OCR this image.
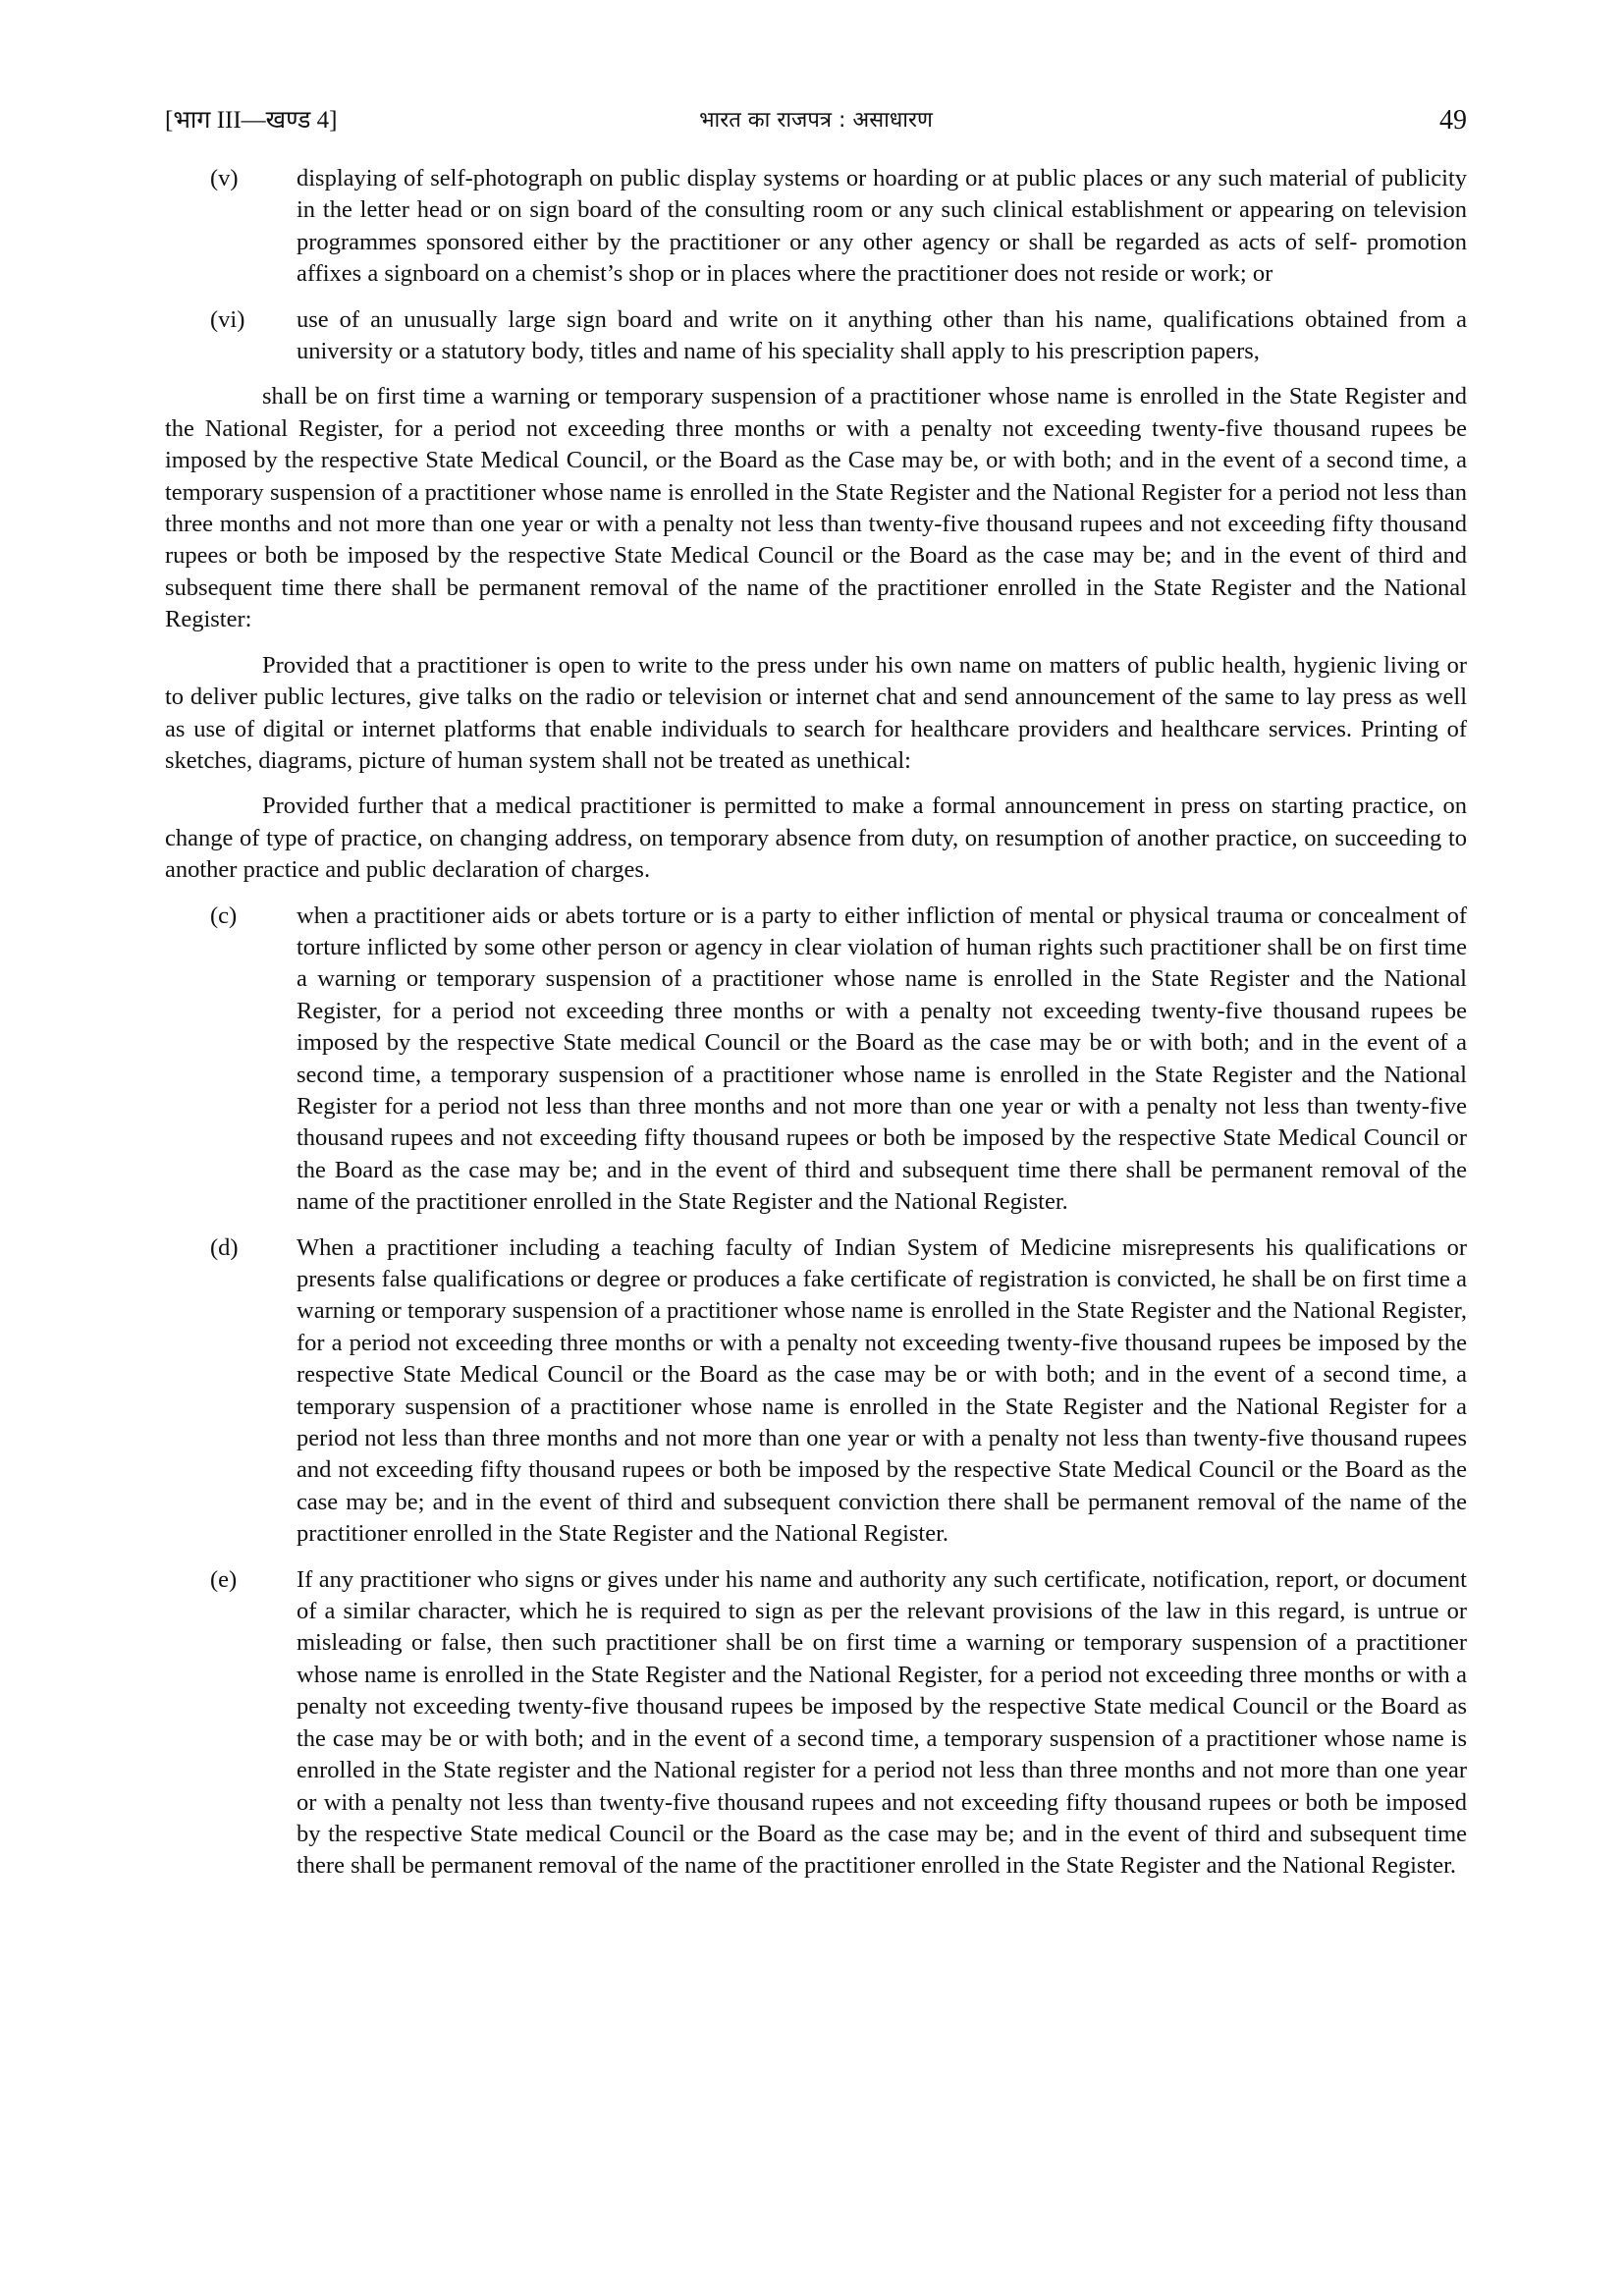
[भाग III—खण्ड 4]	भारत का राजपत्र : असाधारण	49
(v)	displaying of self-photograph on public display systems or hoarding or at public places or any such material of publicity in the letter head or on sign board of the consulting room or any such clinical establishment or appearing on television programmes sponsored either by the practitioner or any other agency or shall be regarded as acts of self- promotion affixes a signboard on a chemist’s shop or in places where the practitioner does not reside or work; or
(vi)	use of an unusually large sign board and write on it anything other than his name, qualifications obtained from a university or a statutory body, titles and name of his speciality shall apply to his prescription papers,

shall be on first time a warning or temporary suspension of a practitioner whose name is enrolled in the State Register and the National Register, for a period not exceeding three months or with a penalty not exceeding twenty-five thousand rupees be imposed by the respective State Medical Council, or the Board as the Case may be, or with both; and in the event of a second time, a temporary suspension of a practitioner whose name is enrolled in the State Register and the National Register for a period not less than three months and not more than one year or with a penalty not less than twenty-five thousand rupees and not exceeding fifty thousand rupees or both be imposed by the respective State Medical Council or the Board as the case may be; and in the event of third and subsequent time there shall be permanent removal of the name of the practitioner enrolled in the State Register and the National Register:

Provided that a practitioner is open to write to the press under his own name on matters of public health, hygienic living or to deliver public lectures, give talks on the radio or television or internet chat and send announcement of the same to lay press as well as use of digital or internet platforms that enable individuals to search for healthcare providers and healthcare services. Printing of sketches, diagrams, picture of human system shall not be treated as unethical:

Provided further that a medical practitioner is permitted to make a formal announcement in press on starting practice, on change of type of practice, on changing address, on temporary absence from duty, on resumption of another practice, on succeeding to another practice and public declaration of charges.

(c)	when a practitioner aids or abets torture or is a party to either infliction of mental or physical trauma or concealment of torture inflicted by some other person or agency in clear violation of human rights such practitioner shall be on first time a warning or temporary suspension of a practitioner whose name is enrolled in the State Register and the National Register, for a period not exceeding three months or with a penalty not exceeding twenty-five thousand rupees be imposed by the respective State medical Council or the Board as the case may be or with both; and in the event of a second time, a temporary suspension of a practitioner whose name is enrolled in the State Register and the National Register for a period not less than three months and not more than one year or with a penalty not less than twenty-five thousand rupees and not exceeding fifty thousand rupees or both be imposed by the respective State Medical Council or the Board as the case may be; and in the event of third and subsequent time there shall be permanent removal of the name of the practitioner enrolled in the State Register and the National Register.
(d)	When a practitioner including a teaching faculty of Indian System of Medicine misrepresents his qualifications or presents false qualifications or degree or produces a fake certificate of registration is convicted, he shall be on first time a warning or temporary suspension of a practitioner whose name is enrolled in the State Register and the National Register, for a period not exceeding three months or with a penalty not exceeding twenty-five thousand rupees be imposed by the respective State Medical Council or the Board as the case may be or with both; and in the event of a second time, a temporary suspension of a practitioner whose name is enrolled in the State Register and the National Register for a period not less than three months and not more than one year or with a penalty not less than twenty-five thousand rupees and not exceeding fifty thousand rupees or both be imposed by the respective State Medical Council or the Board as the case may be; and in the event of third and subsequent conviction there shall be permanent removal of the name of the practitioner enrolled in the State Register and the National Register.
(e)	If any practitioner who signs or gives under his name and authority any such certificate, notification, report, or document of a similar character, which he is required to sign as per the relevant provisions of the law in this regard, is untrue or misleading or false, then such practitioner shall be on first time a warning or temporary suspension of a practitioner whose name is enrolled in the State Register and the National Register, for a period not exceeding three months or with a penalty not exceeding twenty-five thousand rupees be imposed by the respective State medical Council or the Board as the case may be or with both; and in the event of a second time, a temporary suspension of a practitioner whose name is enrolled in the State register and the National register for a period not less than three months and not more than one year or with a penalty not less than twenty-five thousand rupees and not exceeding fifty thousand rupees or both be imposed by the respective State medical Council or the Board as the case may be; and in the event of third and subsequent time there shall be permanent removal of the name of the practitioner enrolled in the State Register and the National Register.
